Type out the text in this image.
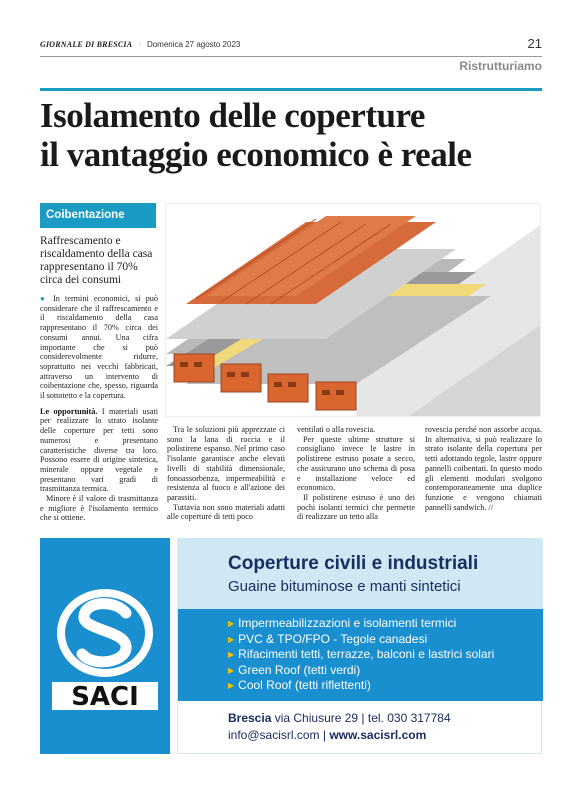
GIORNALE DI BRESCIA · Domenica 27 agosto 2023	21
Ristrutturiamo
Isolamento delle coperture
il vantaggio economico è reale
Coibentazione
Raffrescamento e riscaldamento della casa rappresentano il 70% circa dei consumi

● In termini economici, si può considerare che il raffrescamento e il riscaldamento della casa rappresentano il 70% circa dei consumi annui. Una cifra importante che si può considerevolmente ridurre, soprattutto nei vecchi fabbricati, attraverso un intervento di coibentazione che, spesso, riguarda il sottotetto e la copertura.

Le opportunità. I materiali usati per realizzare lo strato isolante delle coperture per tetti sono numerosi e presentano caratteristiche diverse tra loro. Possono essere di origine sintetica, minerale oppure vegetale e presentano vari gradi di trasmittanza termica.

Minore è il valore di trasmittanza e migliore è l'isolamento termico che si ottiene.

Tra le soluzioni più apprezzate ci sono la lana di roccia e il polistirene espanso. Nel primo caso l'isolante garantisce anche elevati livelli di stabilità dimensionale, fonoassorbenza, impermeabilità e resistenza al fuoco e all'azione dei parassiti.

Tuttavia non sono materiali adatti alle coperture di tetti poco

ventilati o alla rovescia.

Per queste ultime strutture si consigliano invece le lastre in polistirene estruso posate a secco, che assicurano uno schema di posa e installazione veloce ed economico.

Il polistirene estruso è uno dei pochi isolanti termici che permette di realizzare un tetto alla

rovescia perché non assorbe acqua. In alternativa, si può realizzare lo strato isolante della copertura per tetti adottando tegole, lastre oppure pannelli coibentati. In questo modo gli elementi modulari svolgono contemporaneamente una duplice funzione e vengono chiamati pannelli sandwich. //

SACI
Coperture civili e industriali
Guaine bituminose e manti sintetici
▶ Impermeabilizzazioni e isolamenti termici
▶ PVC & TPO/FPO - Tegole canadesi
▶ Rifacimenti tetti, terrazze, balconi e lastrici solari
▶ Green Roof (tetti verdi)
▶ Cool Roof (tetti riflettenti)
Brescia via Chiusure 29 | tel. 030 317784
info@sacisrl.com | www.sacisrl.com
